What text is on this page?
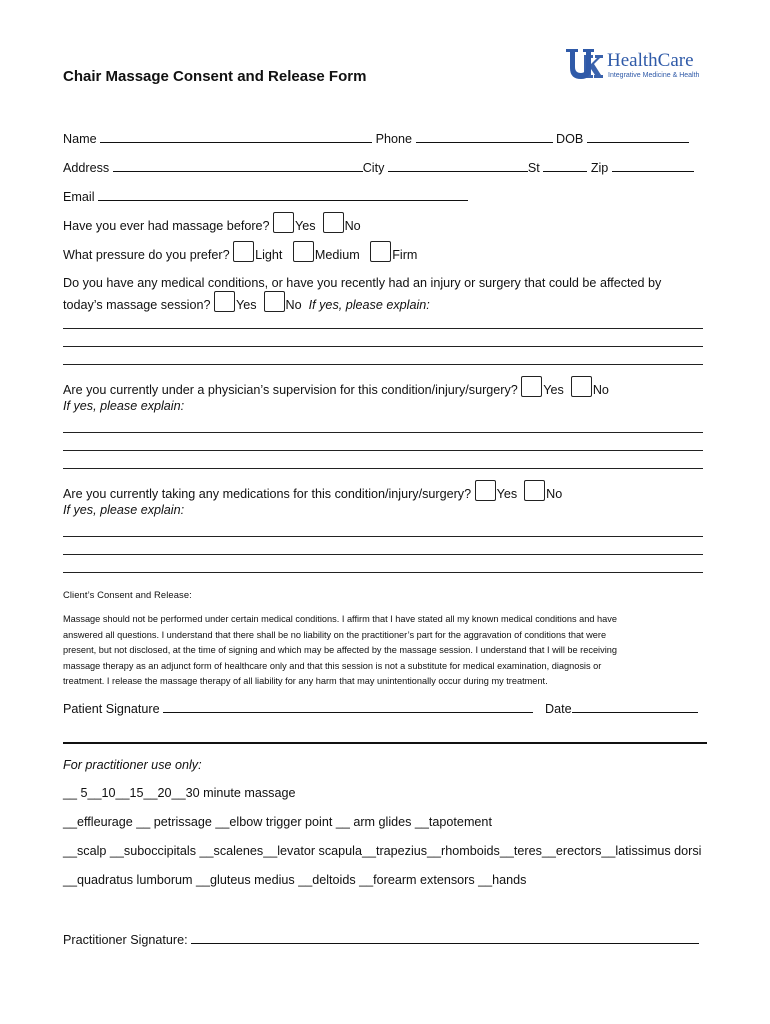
Chair Massage Consent and Release Form
HealthCare
Integrative Medicine & Health
Name	Phone	DOB
Address	City	St	Zip
Email
Have you ever had massage before? Yes No
What pressure do you prefer? Light	Medium	Firm
Do you have any medical conditions, or have you recently had an injury or surgery that could be affected by
today’s massage session? Yes No If yes, please explain:
Are you currently under a physician’s supervision for this condition/injury/surgery? Yes No
If yes, please explain:
Are you currently taking any medications for this condition/injury/surgery? Yes No
If yes, please explain:
Client’s Consent and Release:

Massage should not be performed under certain medical conditions. I affirm that I have stated all my known medical conditions and have

answered all questions. I understand that there shall be no liability on the practitioner’s part for the aggravation of conditions that were

present, but not disclosed, at the time of signing and which may be affected by the massage session. I understand that I will be receiving

massage therapy as an adjunct form of healthcare only and that this session is not a substitute for medical examination, diagnosis or

treatment. I release the massage therapy of all liability for any harm that may unintentionally occur during my treatment.

Patient Signature	Date
For practitioner use only:
__ 5__10__15__20__30 minute massage
__effleurage __ petrissage __elbow trigger point __ arm glides __tapotement
__scalp __suboccipitals __scalenes__levator scapula__trapezius__rhomboids__teres__erectors__latissimus dorsi
__quadratus lumborum __gluteus medius __deltoids __forearm extensors __hands
Practitioner Signature:
